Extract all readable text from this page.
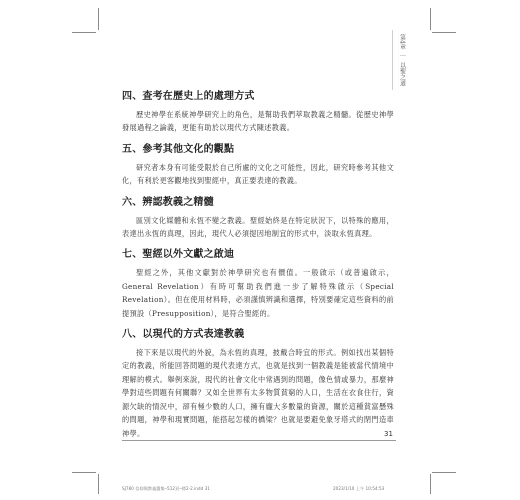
第4章
｜
以聖之道
四、查考在歷史上的處理方式

歷史神學在系統神學研究上的角色，是幫助我們萃取教義之精髓。從歷史神學發展過程之論義，更能有助於以現代方式陳述教義。

五、參考其他文化的觀點

研究者本身有可能受限於自己所處的文化之可能性，因此，研究時參考其他文化，有利於更客觀地找到聖經中，真正要表達的教義。

六、辨認教義之精髓

區別文化媒體和永恆不變之教義。聖經始終是在特定狀況下，以特殊的應用，表達出永恆的真理，因此，現代人必須提因地制宜的形式中，淡取永恆真理。

七、聖經以外文獻之啟迪

聖經之外，其他文獻對於神學研究也有價值。一般啟示（或普遍啟示，General Revelation）有時可幫助我們進一步了解特殊啟示（Special Revelation）。但在使用材料時，必須謹慎辨識和選擇，特別要確定這些資料的前提預設（Presupposition），是符合聖經的。

八、以現代的方式表達教義

接下來是以現代的外貌，為永恆的真理，披戴合時宜的形式。例如找出某個特定的教義，所能回答問題的現代表達方式，也就是找到一個教義是能被當代情境中理解的模式。舉例來說，現代的社會文化中常遇到的問題，像色情或暴力，那麼神學對這些問題有何關聯？又如全世界有太多物質貧窮的人口，生活在衣食住行，資源欠缺的情況中，卻有極少數的人口，擁有龐大多數量的資源，關於這種貧富懸殊的問題，神學和現實問題，能搭起怎樣的橋梁？也就是要避免象牙塔式的閉門造車神學。	31
SJ780 信仰與教義選集─512頁─標2-2.indd 31	2023/1/10 上午 10:54:53
